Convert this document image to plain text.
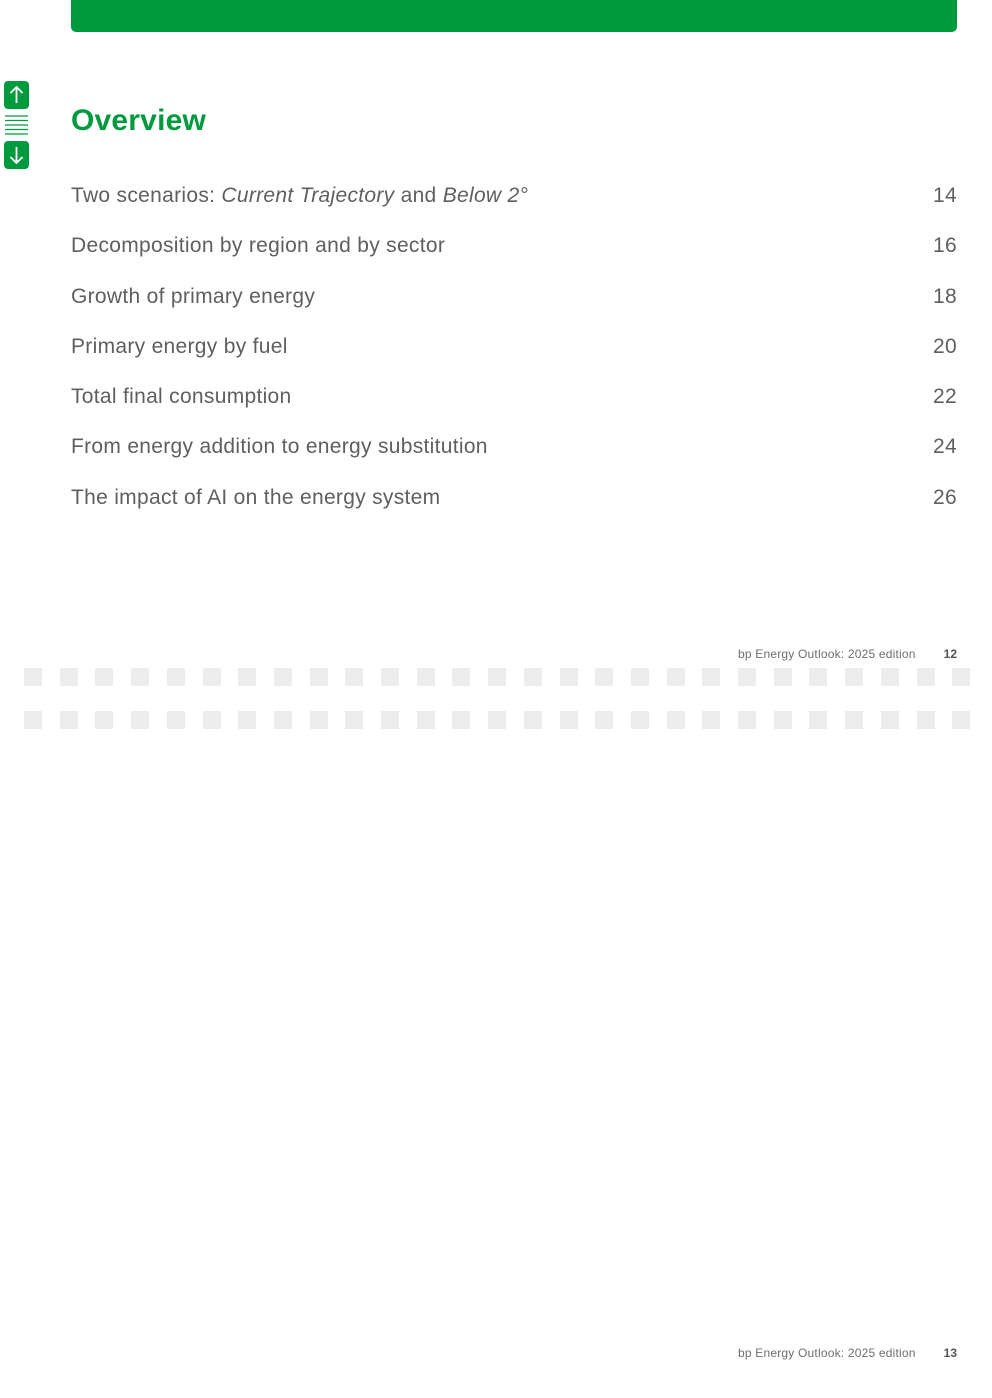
Overview
Two scenarios: Current Trajectory and Below 2°	14
Decomposition by region and by sector	16
Growth of primary energy	18
Primary energy by fuel	20
Total final consumption	22
From energy addition to energy substitution	24
The impact of AI on the energy system	26
bp Energy Outlook: 2025 edition 12
bp Energy Outlook: 2025 edition 13
